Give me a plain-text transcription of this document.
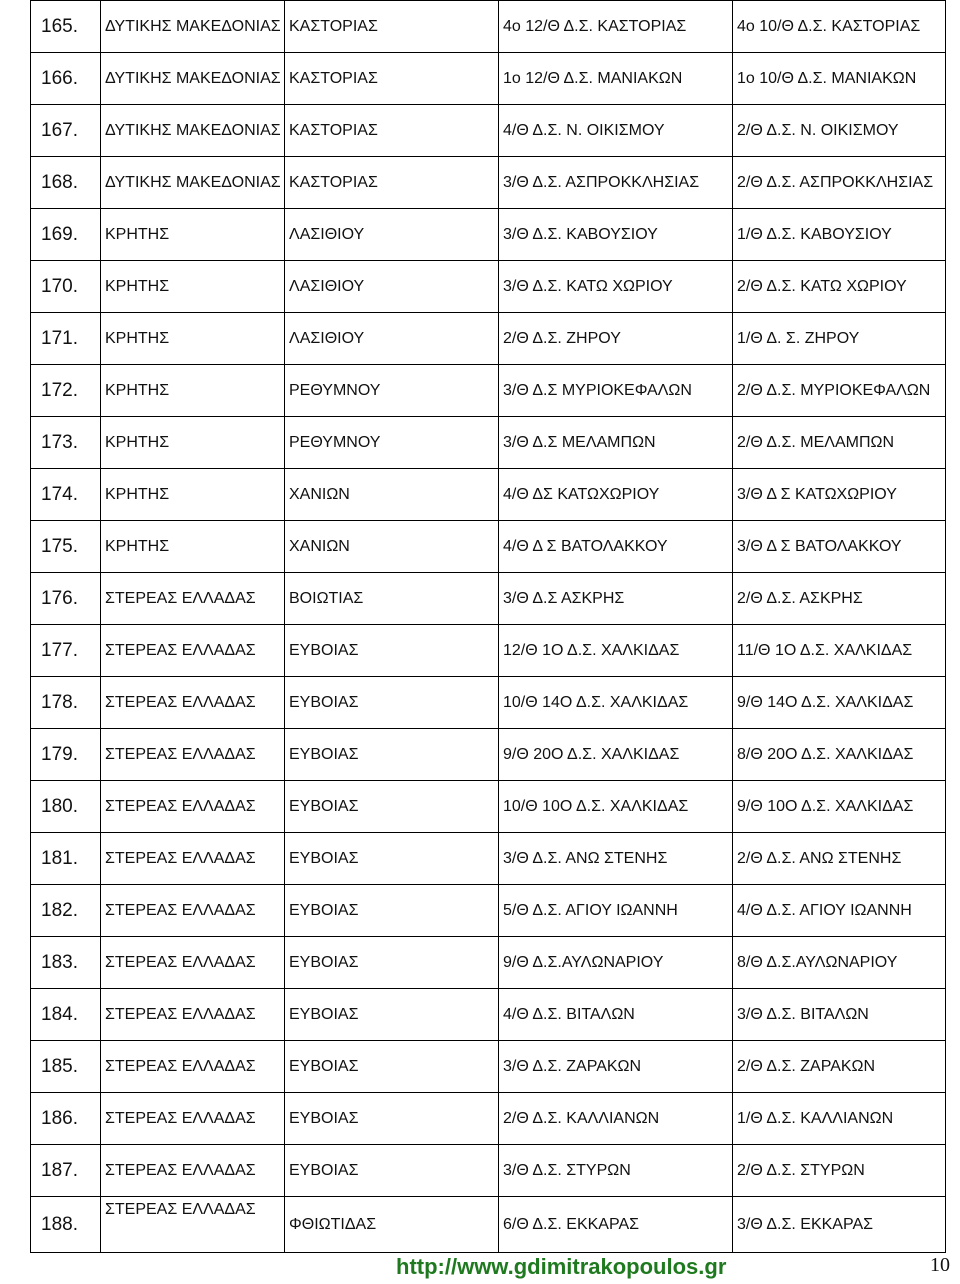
165.	ΔΥΤΙΚΗΣ ΜΑΚΕΔΟΝΙΑΣ	ΚΑΣΤΟΡΙΑΣ	4ο 12/Θ Δ.Σ. ΚΑΣΤΟΡΙΑΣ	4ο 10/Θ Δ.Σ. ΚΑΣΤΟΡΙΑΣ
166.	ΔΥΤΙΚΗΣ ΜΑΚΕΔΟΝΙΑΣ	ΚΑΣΤΟΡΙΑΣ	1ο 12/Θ Δ.Σ. ΜΑΝΙΑΚΩΝ	1ο 10/Θ Δ.Σ. ΜΑΝΙΑΚΩΝ
167.	ΔΥΤΙΚΗΣ ΜΑΚΕΔΟΝΙΑΣ	ΚΑΣΤΟΡΙΑΣ	4/Θ Δ.Σ. Ν. ΟΙΚΙΣΜΟΥ	2/Θ Δ.Σ. Ν. ΟΙΚΙΣΜΟΥ
168.	ΔΥΤΙΚΗΣ ΜΑΚΕΔΟΝΙΑΣ	ΚΑΣΤΟΡΙΑΣ	3/Θ Δ.Σ. ΑΣΠΡΟΚΚΛΗΣΙΑΣ	2/Θ Δ.Σ. ΑΣΠΡΟΚΚΛΗΣΙΑΣ
169.	ΚΡΗΤΗΣ	ΛΑΣΙΘΙΟΥ	3/Θ Δ.Σ. ΚΑΒΟΥΣΙΟΥ	1/Θ Δ.Σ. ΚΑΒΟΥΣΙΟΥ
170.	ΚΡΗΤΗΣ	ΛΑΣΙΘΙΟΥ	3/Θ Δ.Σ. ΚΑΤΩ ΧΩΡΙΟΥ	2/Θ Δ.Σ. ΚΑΤΩ ΧΩΡΙΟΥ
171.	ΚΡΗΤΗΣ	ΛΑΣΙΘΙΟΥ	2/Θ Δ.Σ. ΖΗΡΟΥ	1/Θ Δ. Σ. ΖΗΡΟΥ
172.	ΚΡΗΤΗΣ	ΡΕΘΥΜΝΟΥ	3/Θ Δ.Σ ΜΥΡΙΟΚΕΦΑΛΩΝ	2/Θ Δ.Σ. ΜΥΡΙΟΚΕΦΑΛΩΝ
173.	ΚΡΗΤΗΣ	ΡΕΘΥΜΝΟΥ	3/Θ Δ.Σ ΜΕΛΑΜΠΩΝ	2/Θ Δ.Σ. ΜΕΛΑΜΠΩΝ
174.	ΚΡΗΤΗΣ	ΧΑΝΙΩΝ	4/Θ ΔΣ ΚΑΤΩΧΩΡΙΟΥ	3/Θ Δ Σ ΚΑΤΩΧΩΡΙΟΥ
175.	ΚΡΗΤΗΣ	ΧΑΝΙΩΝ	4/Θ Δ Σ ΒΑΤΟΛΑΚΚΟΥ	3/Θ Δ Σ ΒΑΤΟΛΑΚΚΟΥ
176.	ΣΤΕΡΕΑΣ ΕΛΛΑΔΑΣ	ΒΟΙΩΤΙΑΣ	3/Θ Δ.Σ ΑΣΚΡΗΣ	2/Θ Δ.Σ. ΑΣΚΡΗΣ
177.	ΣΤΕΡΕΑΣ ΕΛΛΑΔΑΣ	ΕΥΒΟΙΑΣ	12/Θ 1Ο Δ.Σ. ΧΑΛΚΙΔΑΣ	11/Θ 1Ο Δ.Σ. ΧΑΛΚΙΔΑΣ
178.	ΣΤΕΡΕΑΣ ΕΛΛΑΔΑΣ	ΕΥΒΟΙΑΣ	10/Θ 14Ο Δ.Σ. ΧΑΛΚΙΔΑΣ	9/Θ 14Ο Δ.Σ. ΧΑΛΚΙΔΑΣ
179.	ΣΤΕΡΕΑΣ ΕΛΛΑΔΑΣ	ΕΥΒΟΙΑΣ	9/Θ 20Ο Δ.Σ. ΧΑΛΚΙΔΑΣ	8/Θ 20Ο Δ.Σ. ΧΑΛΚΙΔΑΣ
180.	ΣΤΕΡΕΑΣ ΕΛΛΑΔΑΣ	ΕΥΒΟΙΑΣ	10/Θ 10Ο Δ.Σ. ΧΑΛΚΙΔΑΣ	9/Θ 10Ο Δ.Σ. ΧΑΛΚΙΔΑΣ
181.	ΣΤΕΡΕΑΣ ΕΛΛΑΔΑΣ	ΕΥΒΟΙΑΣ	3/Θ Δ.Σ. ΑΝΩ ΣΤΕΝΗΣ	2/Θ Δ.Σ. ΑΝΩ ΣΤΕΝΗΣ
182.	ΣΤΕΡΕΑΣ ΕΛΛΑΔΑΣ	ΕΥΒΟΙΑΣ	5/Θ Δ.Σ. ΑΓΙΟΥ ΙΩΑΝΝΗ	4/Θ Δ.Σ. ΑΓΙΟΥ ΙΩΑΝΝΗ
183.	ΣΤΕΡΕΑΣ ΕΛΛΑΔΑΣ	ΕΥΒΟΙΑΣ	9/Θ Δ.Σ.ΑΥΛΩΝΑΡΙΟΥ	8/Θ Δ.Σ.ΑΥΛΩΝΑΡΙΟΥ
184.	ΣΤΕΡΕΑΣ ΕΛΛΑΔΑΣ	ΕΥΒΟΙΑΣ	4/Θ Δ.Σ. ΒΙΤΑΛΩΝ	3/Θ Δ.Σ. ΒΙΤΑΛΩΝ
185.	ΣΤΕΡΕΑΣ ΕΛΛΑΔΑΣ	ΕΥΒΟΙΑΣ	3/Θ Δ.Σ. ΖΑΡΑΚΩΝ	2/Θ Δ.Σ. ΖΑΡΑΚΩΝ
186.	ΣΤΕΡΕΑΣ ΕΛΛΑΔΑΣ	ΕΥΒΟΙΑΣ	2/Θ Δ.Σ. ΚΑΛΛΙΑΝΩΝ	1/Θ Δ.Σ. ΚΑΛΛΙΑΝΩΝ
187.	ΣΤΕΡΕΑΣ ΕΛΛΑΔΑΣ	ΕΥΒΟΙΑΣ	3/Θ Δ.Σ. ΣΤΥΡΩΝ	2/Θ Δ.Σ. ΣΤΥΡΩΝ
188.	ΣΤΕΡΕΑΣ ΕΛΛΑΔΑΣ	ΦΘΙΩΤΙΔΑΣ	6/Θ Δ.Σ. ΕΚΚΑΡΑΣ	3/Θ Δ.Σ. ΕΚΚΑΡΑΣ
http://www.gdimitrakopoulos.gr	10
